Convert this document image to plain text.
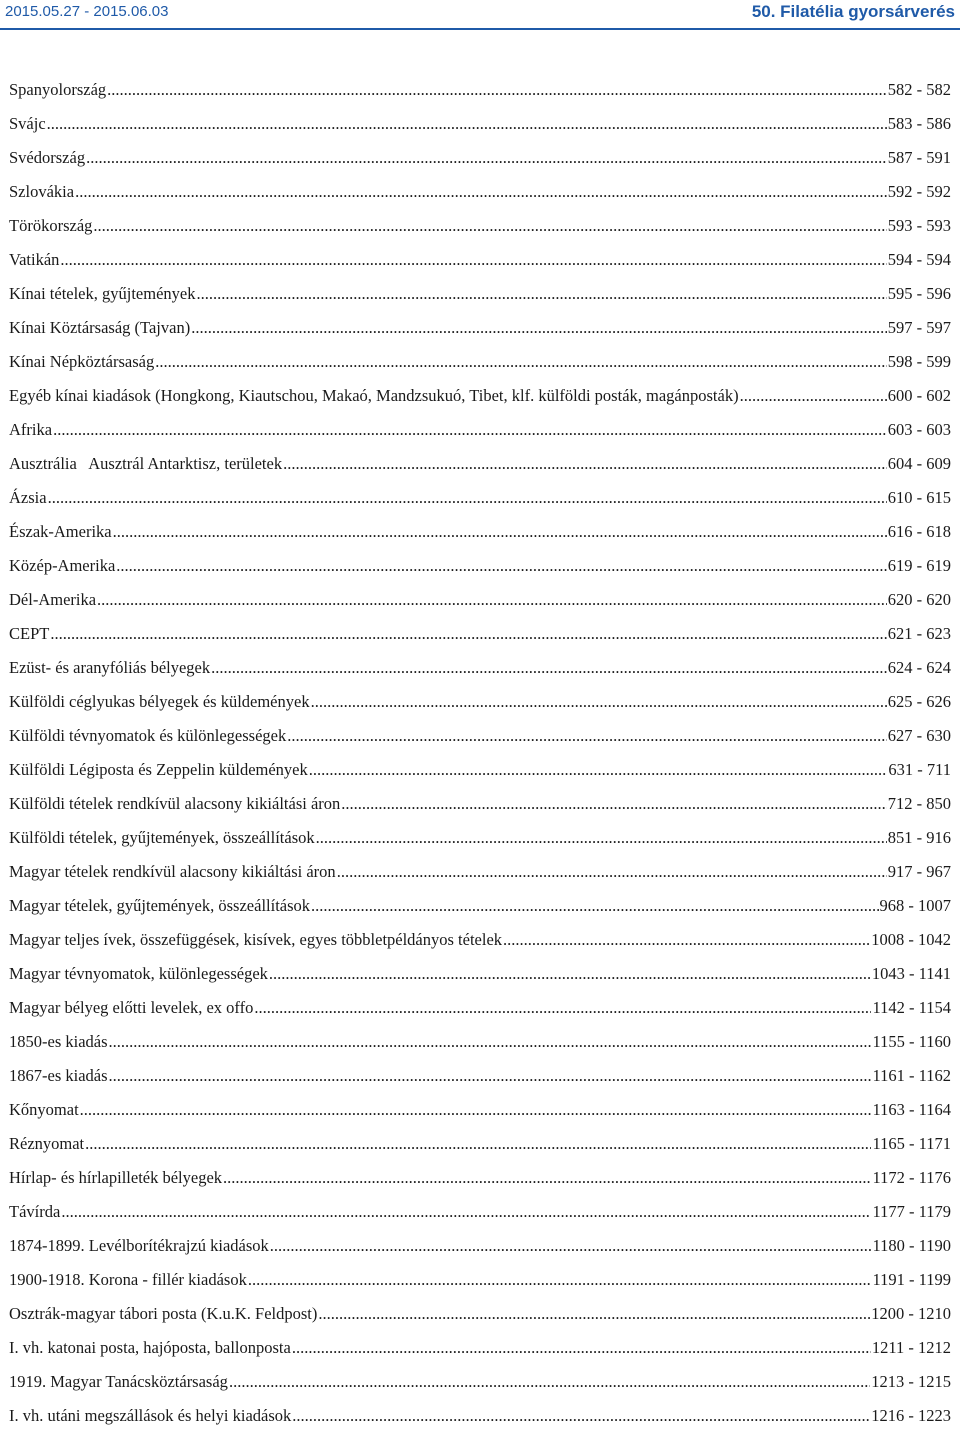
2015.05.27 - 2015.06.03	50. Filatélia gyorsárverés
Spanyolország .....	582 - 582
Svájc .....	583 - 586
Svédország .....	587 - 591
Szlovákia .....	592 - 592
Törökország .....	593 - 593
Vatikán .....	594 - 594
Kínai tételek, gyűjtemények .....	595 - 596
Kínai Köztársaság (Tajvan) .....	597 - 597
Kínai Népköztársaság .....	598 - 599
Egyéb kínai kiadások (Hongkong, Kiautschou, Makaó, Mandzsukuó, Tibet, klf. külföldi posták, magánposták) .....	600 - 602
Afrika .....	603 - 603
Ausztrália   Ausztrál Antarktisz, területek .....	604 - 609
Ázsia .....	610 - 615
Észak-Amerika .....	616 - 618
Közép-Amerika .....	619 - 619
Dél-Amerika .....	620 - 620
CEPT .....	621 - 623
Ezüst- és aranyfóliás bélyegek .....	624 - 624
Külföldi céglyukas bélyegek és küldemények .....	625 - 626
Külföldi tévnyomatok és különlegességek .....	627 - 630
Külföldi Légiposta és Zeppelin küldemények .....	631 - 711
Külföldi tételek rendkívül alacsony kikiáltási áron .....	712 - 850
Külföldi tételek, gyűjtemények, összeállítások .....	851 - 916
Magyar tételek rendkívül alacsony kikiáltási áron .....	917 - 967
Magyar tételek, gyűjtemények, összeállítások .....	968 - 1007
Magyar teljes ívek, összefüggések, kisívek, egyes többletpéldányos tételek .....	1008 - 1042
Magyar tévnyomatok, különlegességek .....	1043 - 1141
Magyar bélyeg előtti levelek, ex offo .....	1142 - 1154
1850-es kiadás .....	1155 - 1160
1867-es kiadás .....	1161 - 1162
Kőnyomat .....	1163 - 1164
Réznyomat .....	1165 - 1171
Hírlap- és hírlapilleték bélyegek .....	1172 - 1176
Távírda .....	1177 - 1179
1874-1899. Levélborítékrajzú kiadások .....	1180 - 1190
1900-1918. Korona - fillér kiadások .....	1191 - 1199
Osztrák-magyar tábori posta (K.u.K. Feldpost) .....	1200 - 1210
I. vh. katonai posta, hajóposta, ballonposta .....	1211 - 1212
1919. Magyar Tanácsköztársaság .....	1213 - 1215
I. vh. utáni megszállások és helyi kiadások .....	1216 - 1223
